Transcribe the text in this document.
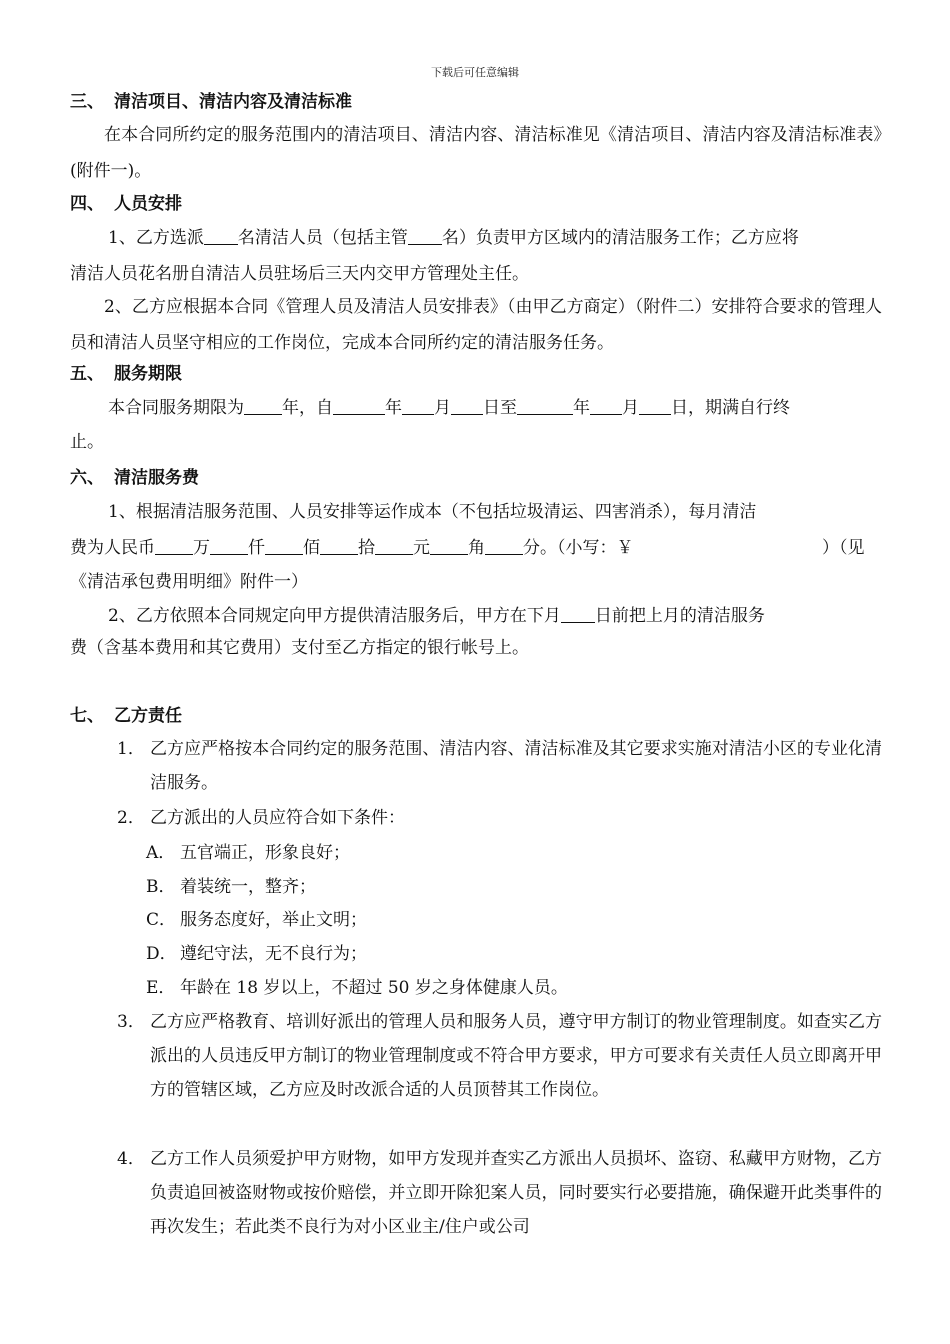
下载后可任意编辑
三、 清洁项目、清洁内容及清洁标准
在本合同所约定的服务范围内的清洁项目、清洁内容、清洁标准见《清洁项目、清洁内容及清洁标准表》(附件一)。
四、 人员安排
1、乙方选派 名清洁人员（包括主管 名）负责甲方区域内的清洁服务工作；乙方应将
清洁人员花名册自清洁人员驻场后三天内交甲方管理处主任。
2、乙方应根据本合同《管理人员及清洁人员安排表》（由甲乙方商定）（附件二）安排符合要求的管理人员和清洁人员坚守相应的工作岗位，完成本合同所约定的清洁服务任务。
五、 服务期限
本合同服务期限为 年，自	年 月 日至	年 月 日，期满自行终
止。
六、 清洁服务费
1、根据清洁服务范围、人员安排等运作成本（不包括垃圾清运、四害消杀），每月清洁
费为人民币 万 仟 佰 拾 元 角 分。（小写：￥	）（见
《清洁承包费用明细》附件一）
2、乙方依照本合同规定向甲方提供清洁服务后，甲方在下月 日前把上月的清洁服务
费（含基本费用和其它费用）支付至乙方指定的银行帐号上。
七、 乙方责任
1． 乙方应严格按本合同约定的服务范围、清洁内容、清洁标准及其它要求实施对清洁小区的专业化清洁服务。
2． 乙方派出的人员应符合如下条件：
A． 五官端正，形象良好；
B． 着装统一，整齐；
C． 服务态度好，举止文明；
D． 遵纪守法，无不良行为；
E． 年龄在 18 岁以上，不超过 50 岁之身体健康人员。
3． 乙方应严格教育、培训好派出的管理人员和服务人员，遵守甲方制订的物业管理制度。如查实乙方派出的人员违反甲方制订的物业管理制度或不符合甲方要求，甲方可要求有关责任人员立即离开甲方的管辖区域，乙方应及时改派合适的人员顶替其工作岗位。
4． 乙方工作人员须爱护甲方财物，如甲方发现并查实乙方派出人员损坏、盗窃、私藏甲方财物，乙方负责追回被盗财物或按价赔偿，并立即开除犯案人员，同时要实行必要措施，确保避开此类事件的再次发生；若此类不良行为对小区业主/住户或公司
